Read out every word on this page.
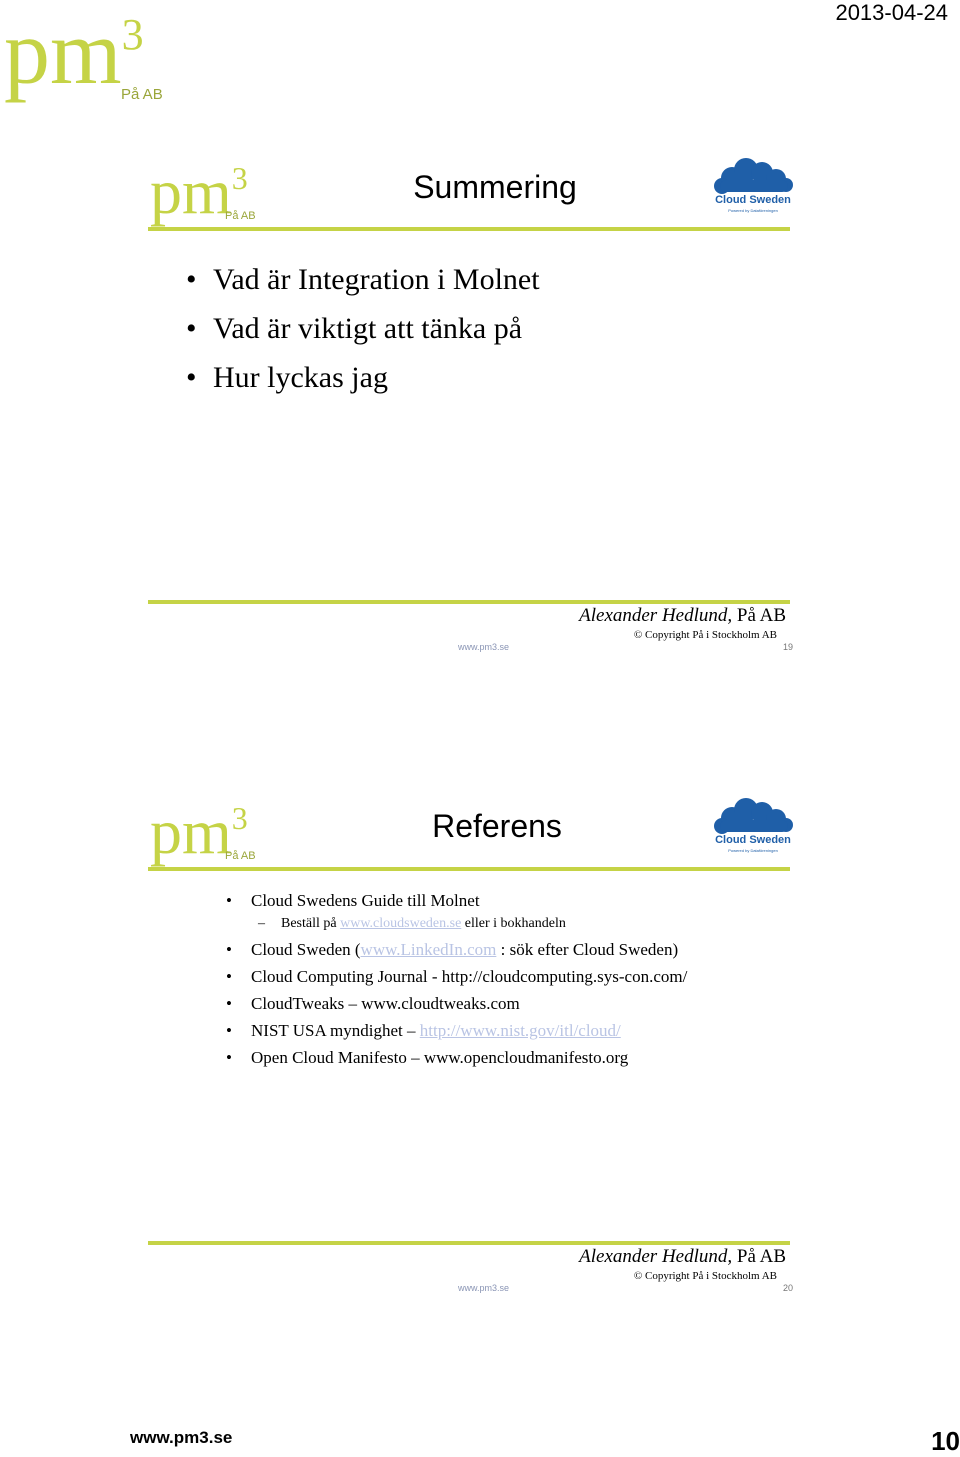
$pm^3$
På AB
2013-04-24
$pm^3$
På AB
Summering	Cloud Sweden
Powered by Dataföreningen
• Vad är Integration i Molnet
• Vad är viktigt att tänka på
• Hur lyckas jag
Alexander Hedlund, På AB
© Copyright På i Stockholm AB
www.pm3.se	19
$pm^3$
På AB
Referens	Cloud Sweden
Powered by Dataföreningen
• Cloud Swedens Guide till Molnet
– Beställ på www.cloudsweden.se eller i bokhandeln
• Cloud Sweden (www.LinkedIn.com : sök efter Cloud Sweden)
• Cloud Computing Journal - http://cloudcomputing.sys-con.com/
• CloudTweaks – www.cloudtweaks.com
• NIST USA myndighet – http://www.nist.gov/itl/cloud/
• Open Cloud Manifesto – www.opencloudmanifesto.org
Alexander Hedlund, På AB
© Copyright På i Stockholm AB
www.pm3.se	20
www.pm3.se	10
